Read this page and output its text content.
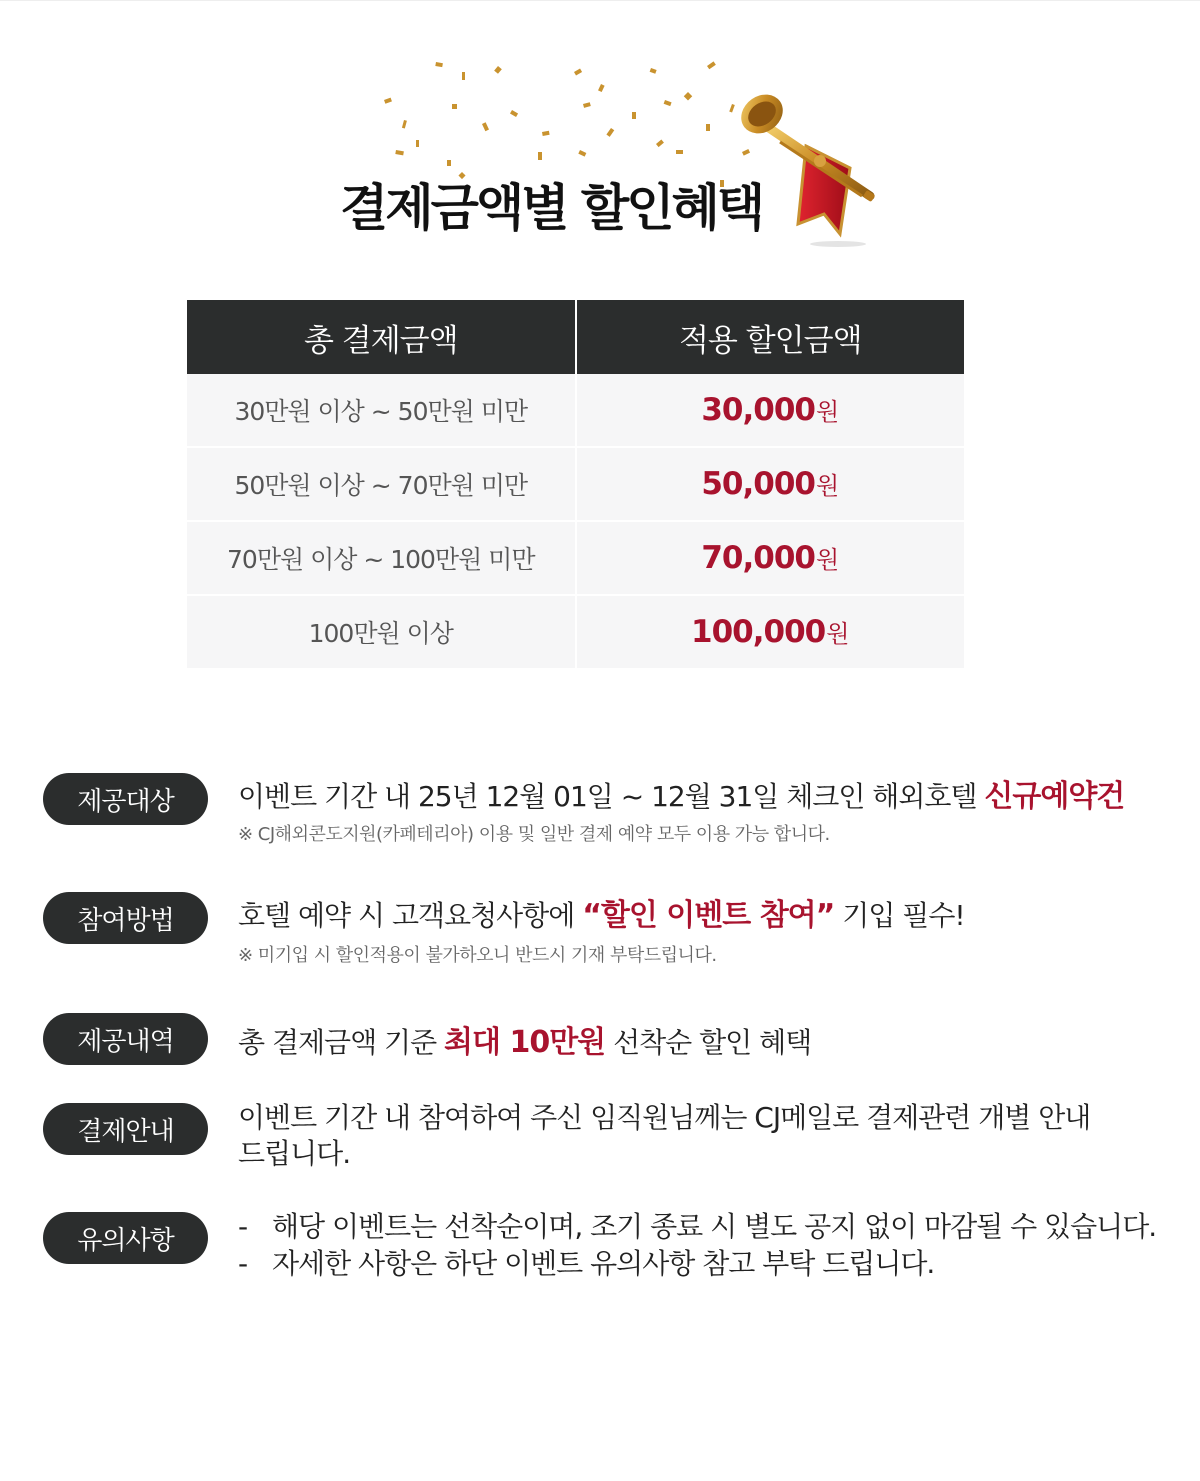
결제금액별 할인혜택
총 결제금액	적용 할인금액
30만원 이상 ~ 50만원 미만	30,000원
50만원 이상 ~ 70만원 미만	50,000원
70만원 이상 ~ 100만원 미만	70,000원
100만원 이상	100,000원
제공대상	이벤트 기간 내 25년 12월 01일 ~ 12월 31일 체크인 해외호텔 신규예약건
※ CJ해외콘도지원(카페테리아) 이용 및 일반 결제 예약 모두 이용 가능 합니다.
참여방법	호텔 예약 시 고객요청사항에 “할인 이벤트 참여” 기입 필수!
※ 미기입 시 할인적용이 불가하오니 반드시 기재 부탁드립니다.
제공내역	총 결제금액 기준 최대 10만원 선착순 할인 혜택
결제안내	이벤트 기간 내 참여하여 주신 임직원님께는 CJ메일로 결제관련 개별 안내 드립니다.
유의사항	- 해당 이벤트는 선착순이며, 조기 종료 시 별도 공지 없이 마감될 수 있습니다.
- 자세한 사항은 하단 이벤트 유의사항 참고 부탁 드립니다.
